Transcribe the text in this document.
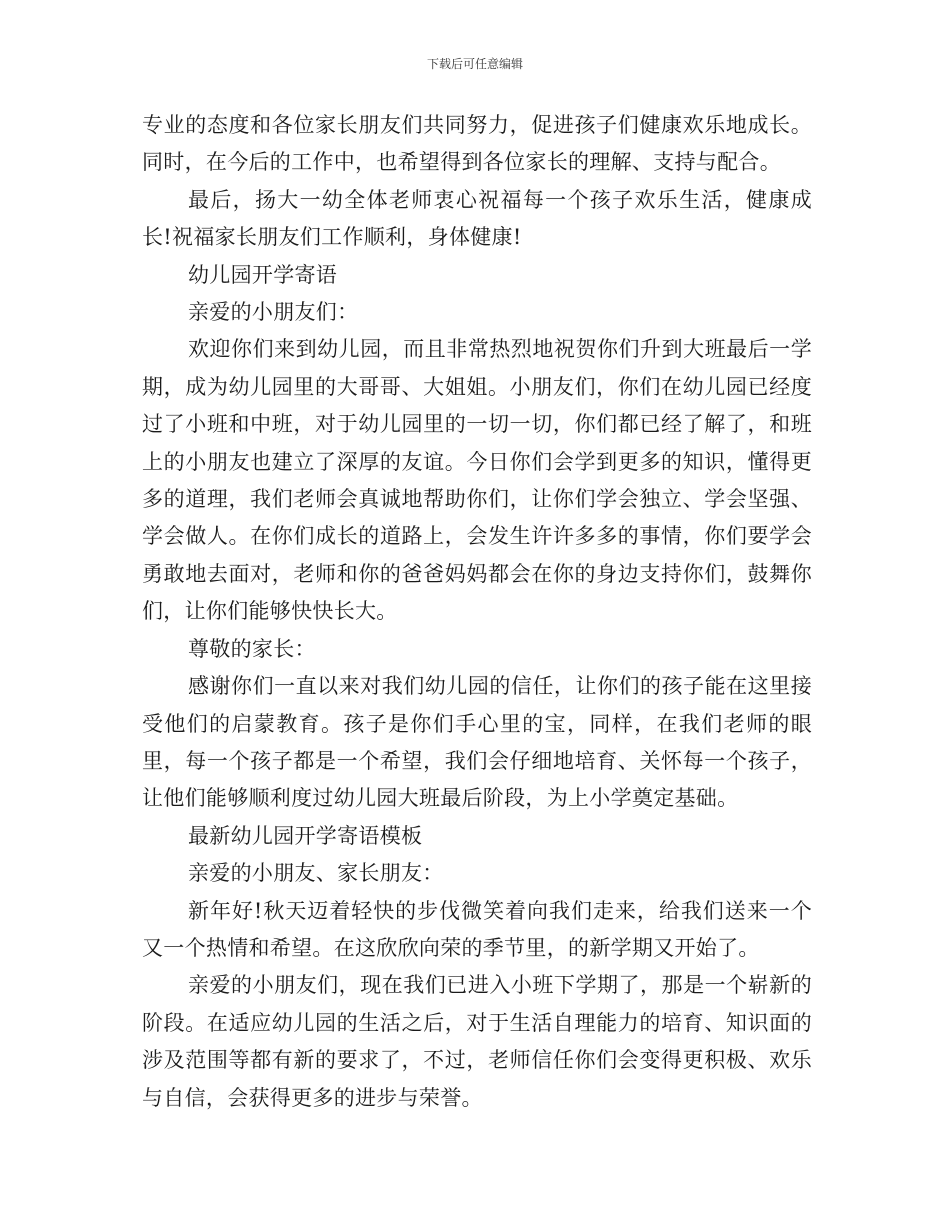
下载后可任意编辑

专业的态度和各位家长朋友们共同努力，促进孩子们健康欢乐地成长。同时，在今后的工作中，也希望得到各位家长的理解、支持与配合。

最后，扬大一幼全体老师衷心祝福每一个孩子欢乐生活，健康成长!祝福家长朋友们工作顺利，身体健康!

幼儿园开学寄语

亲爱的小朋友们：

欢迎你们来到幼儿园，而且非常热烈地祝贺你们升到大班最后一学期，成为幼儿园里的大哥哥、大姐姐。小朋友们，你们在幼儿园已经度过了小班和中班，对于幼儿园里的一切一切，你们都已经了解了，和班上的小朋友也建立了深厚的友谊。今日你们会学到更多的知识，懂得更多的道理，我们老师会真诚地帮助你们，让你们学会独立、学会坚强、学会做人。在你们成长的道路上，会发生许许多多的事情，你们要学会勇敢地去面对，老师和你的爸爸妈妈都会在你的身边支持你们，鼓舞你们，让你们能够快快长大。

尊敬的家长：

感谢你们一直以来对我们幼儿园的信任，让你们的孩子能在这里接受他们的启蒙教育。孩子是你们手心里的宝，同样，在我们老师的眼里，每一个孩子都是一个希望，我们会仔细地培育、关怀每一个孩子，让他们能够顺利度过幼儿园大班最后阶段，为上小学奠定基础。

最新幼儿园开学寄语模板

亲爱的小朋友、家长朋友：

新年好!秋天迈着轻快的步伐微笑着向我们走来，给我们送来一个又一个热情和希望。在这欣欣向荣的季节里，的新学期又开始了。

亲爱的小朋友们，现在我们已进入小班下学期了，那是一个崭新的阶段。在适应幼儿园的生活之后，对于生活自理能力的培育、知识面的涉及范围等都有新的要求了，不过，老师信任你们会变得更积极、欢乐与自信，会获得更多的进步与荣誉。
